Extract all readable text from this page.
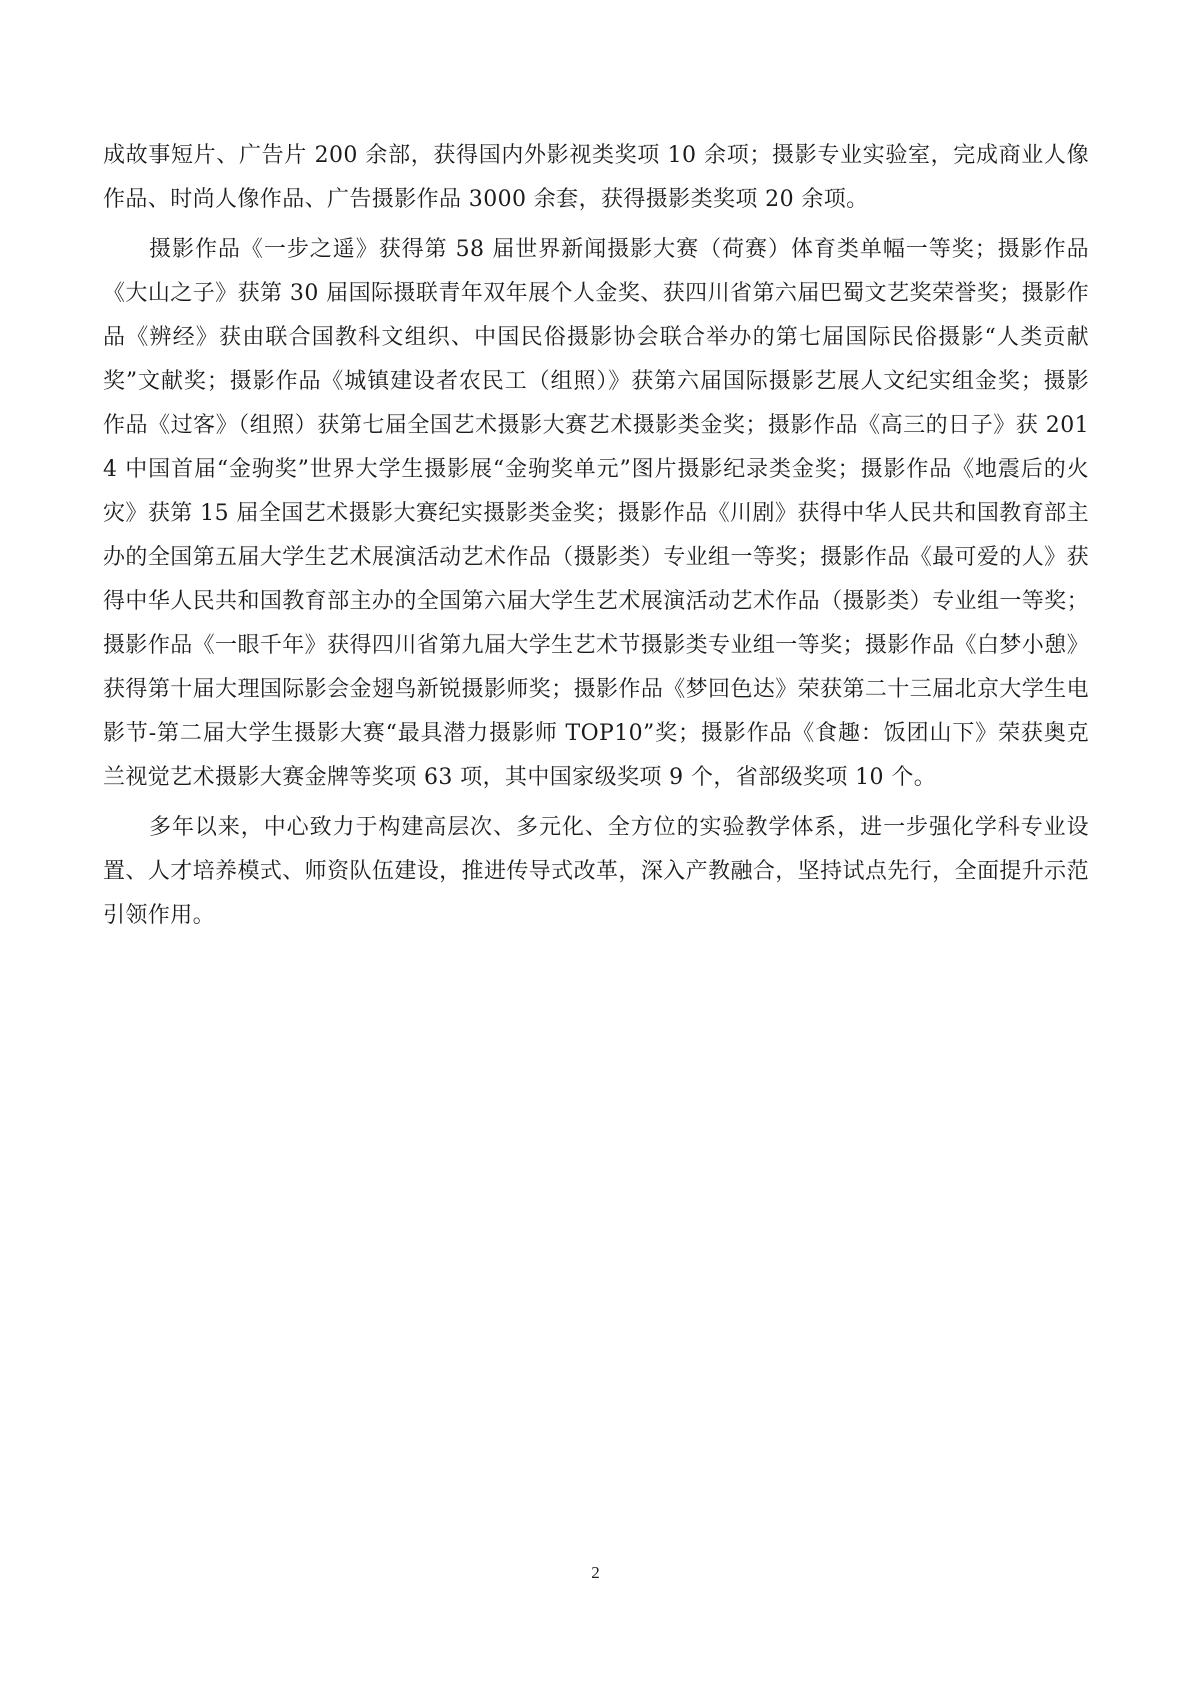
成故事短片、广告片 200 余部，获得国内外影视类奖项 10 余项；摄影专业实验室，完成商业人像作品、时尚人像作品、广告摄影作品 3000 余套，获得摄影类奖项 20 余项。

摄影作品《一步之遥》获得第 58 届世界新闻摄影大赛（荷赛）体育类单幅一等奖；摄影作品《大山之子》获第 30 届国际摄联青年双年展个人金奖、获四川省第六届巴蜀文艺奖荣誉奖；摄影作品《辨经》获由联合国教科文组织、中国民俗摄影协会联合举办的第七届国际民俗摄影“人类贡献奖”文献奖；摄影作品《城镇建设者农民工（组照）》获第六届国际摄影艺展人文纪实组金奖；摄影作品《过客》（组照）获第七届全国艺术摄影大赛艺术摄影类金奖；摄影作品《高三的日子》获 2014 中国首届“金驹奖”世界大学生摄影展“金驹奖单元”图片摄影纪录类金奖；摄影作品《地震后的火灾》获第 15 届全国艺术摄影大赛纪实摄影类金奖；摄影作品《川剧》获得中华人民共和国教育部主办的全国第五届大学生艺术展演活动艺术作品（摄影类）专业组一等奖；摄影作品《最可爱的人》获得中华人民共和国教育部主办的全国第六届大学生艺术展演活动艺术作品（摄影类）专业组一等奖；摄影作品《一眼千年》获得四川省第九届大学生艺术节摄影类专业组一等奖；摄影作品《白梦小憩》获得第十届大理国际影会金翅鸟新锐摄影师奖；摄影作品《梦回色达》荣获第二十三届北京大学生电影节-第二届大学生摄影大赛“最具潜力摄影师 TOP10”奖；摄影作品《食趣：饭团山下》荣获奥克兰视觉艺术摄影大赛金牌等奖项 63 项，其中国家级奖项 9 个，省部级奖项 10 个。

多年以来，中心致力于构建高层次、多元化、全方位的实验教学体系，进一步强化学科专业设置、人才培养模式、师资队伍建设，推进传导式改革，深入产教融合，坚持试点先行，全面提升示范引领作用。

2
